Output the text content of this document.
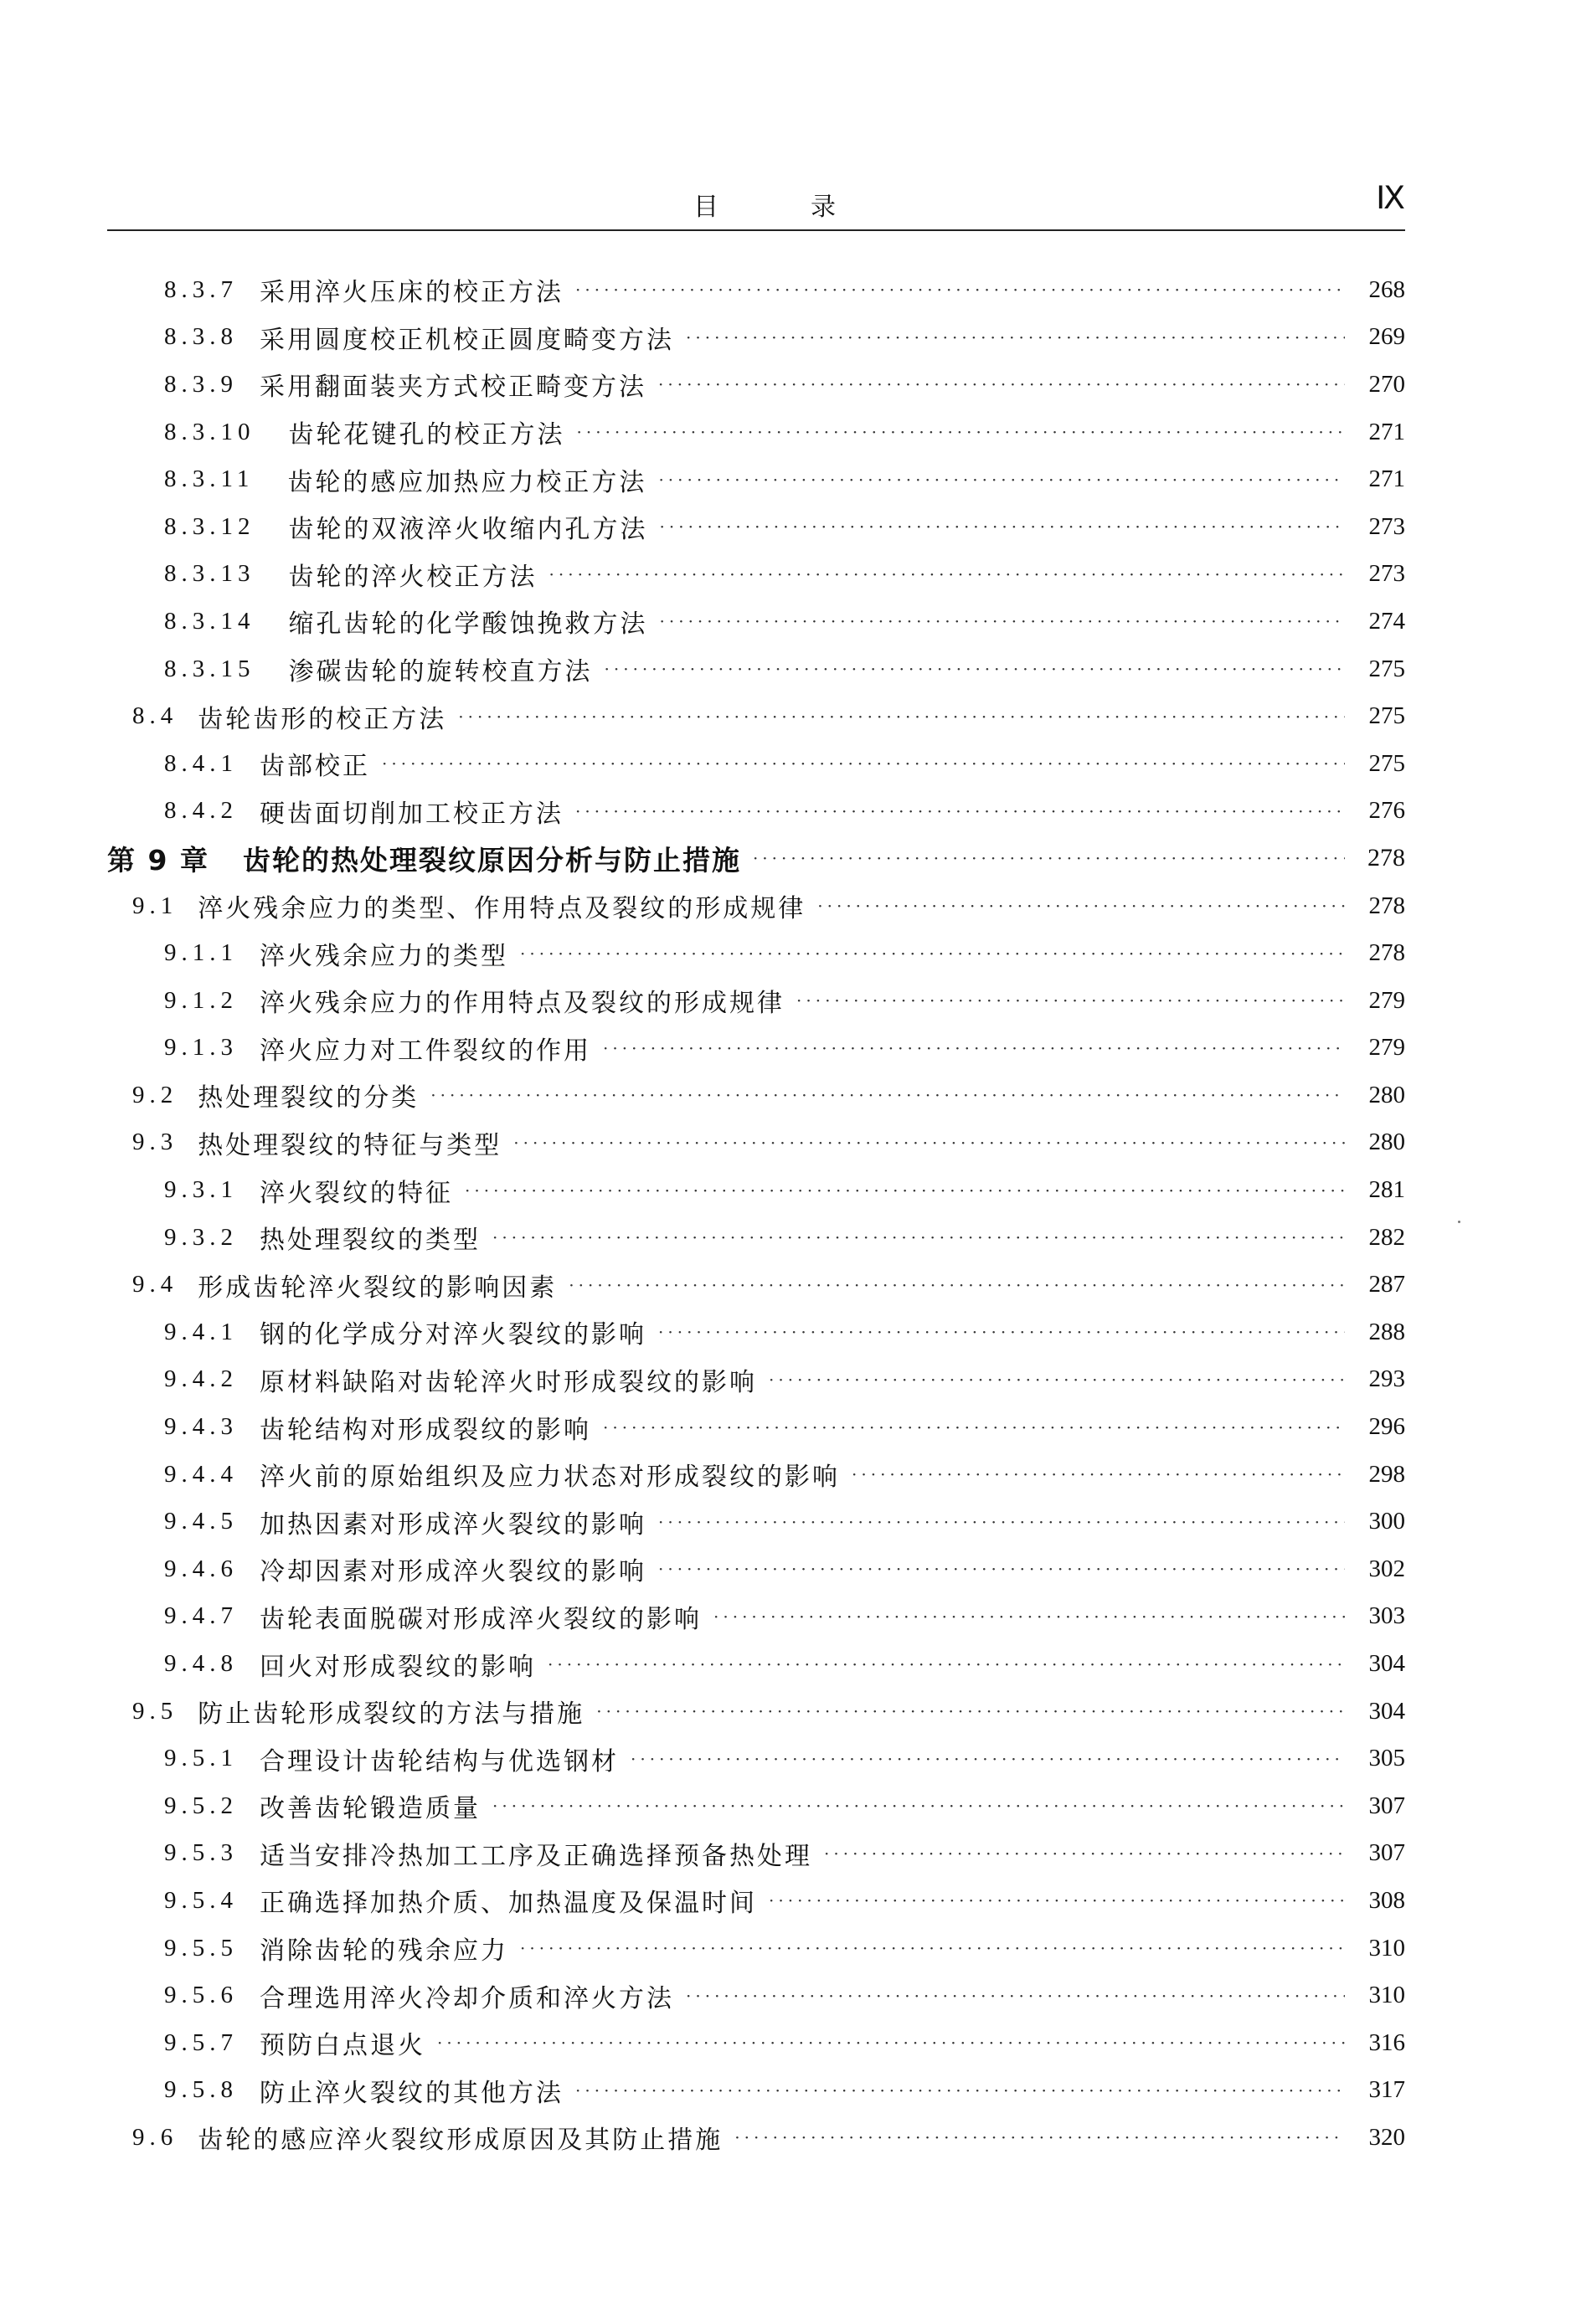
目　录	Ⅸ
8.3.7 采用淬火压床的校正方法 ·····	268
8.3.8 采用圆度校正机校正圆度畸变方法 ·····	269
8.3.9 采用翻面装夹方式校正畸变方法 ·····	270
8.3.10 齿轮花键孔的校正方法 ·····	271
8.3.11 齿轮的感应加热应力校正方法 ·····	271
8.3.12 齿轮的双液淬火收缩内孔方法 ·····	273
8.3.13 齿轮的淬火校正方法 ·····	273
8.3.14 缩孔齿轮的化学酸蚀挽救方法 ·····	274
8.3.15 渗碳齿轮的旋转校直方法 ·····	275
8.4 齿轮齿形的校正方法 ·····	275
8.4.1 齿部校正 ·····	275
8.4.2 硬齿面切削加工校正方法 ·····	276
第 9 章 齿轮的热处理裂纹原因分析与防止措施 ·····	278
9.1 淬火残余应力的类型、作用特点及裂纹的形成规律 ·····	278
9.1.1 淬火残余应力的类型 ·····	278
9.1.2 淬火残余应力的作用特点及裂纹的形成规律 ·····	279
9.1.3 淬火应力对工件裂纹的作用 ·····	279
9.2 热处理裂纹的分类 ·····	280
9.3 热处理裂纹的特征与类型 ·····	280
9.3.1 淬火裂纹的特征 ·····	281
9.3.2 热处理裂纹的类型 ·····	282
9.4 形成齿轮淬火裂纹的影响因素 ·····	287
9.4.1 钢的化学成分对淬火裂纹的影响 ·····	288
9.4.2 原材料缺陷对齿轮淬火时形成裂纹的影响 ·····	293
9.4.3 齿轮结构对形成裂纹的影响 ·····	296
9.4.4 淬火前的原始组织及应力状态对形成裂纹的影响 ·····	298
9.4.5 加热因素对形成淬火裂纹的影响 ·····	300
9.4.6 冷却因素对形成淬火裂纹的影响 ·····	302
9.4.7 齿轮表面脱碳对形成淬火裂纹的影响 ·····	303
9.4.8 回火对形成裂纹的影响 ·····	304
9.5 防止齿轮形成裂纹的方法与措施 ·····	304
9.5.1 合理设计齿轮结构与优选钢材 ·····	305
9.5.2 改善齿轮锻造质量 ·····	307
9.5.3 适当安排冷热加工工序及正确选择预备热处理 ·····	307
9.5.4 正确选择加热介质、加热温度及保温时间 ·····	308
9.5.5 消除齿轮的残余应力 ·····	310
9.5.6 合理选用淬火冷却介质和淬火方法 ·····	310
9.5.7 预防白点退火 ·····	316
9.5.8 防止淬火裂纹的其他方法 ·····	317
9.6 齿轮的感应淬火裂纹形成原因及其防止措施 ·····	320
